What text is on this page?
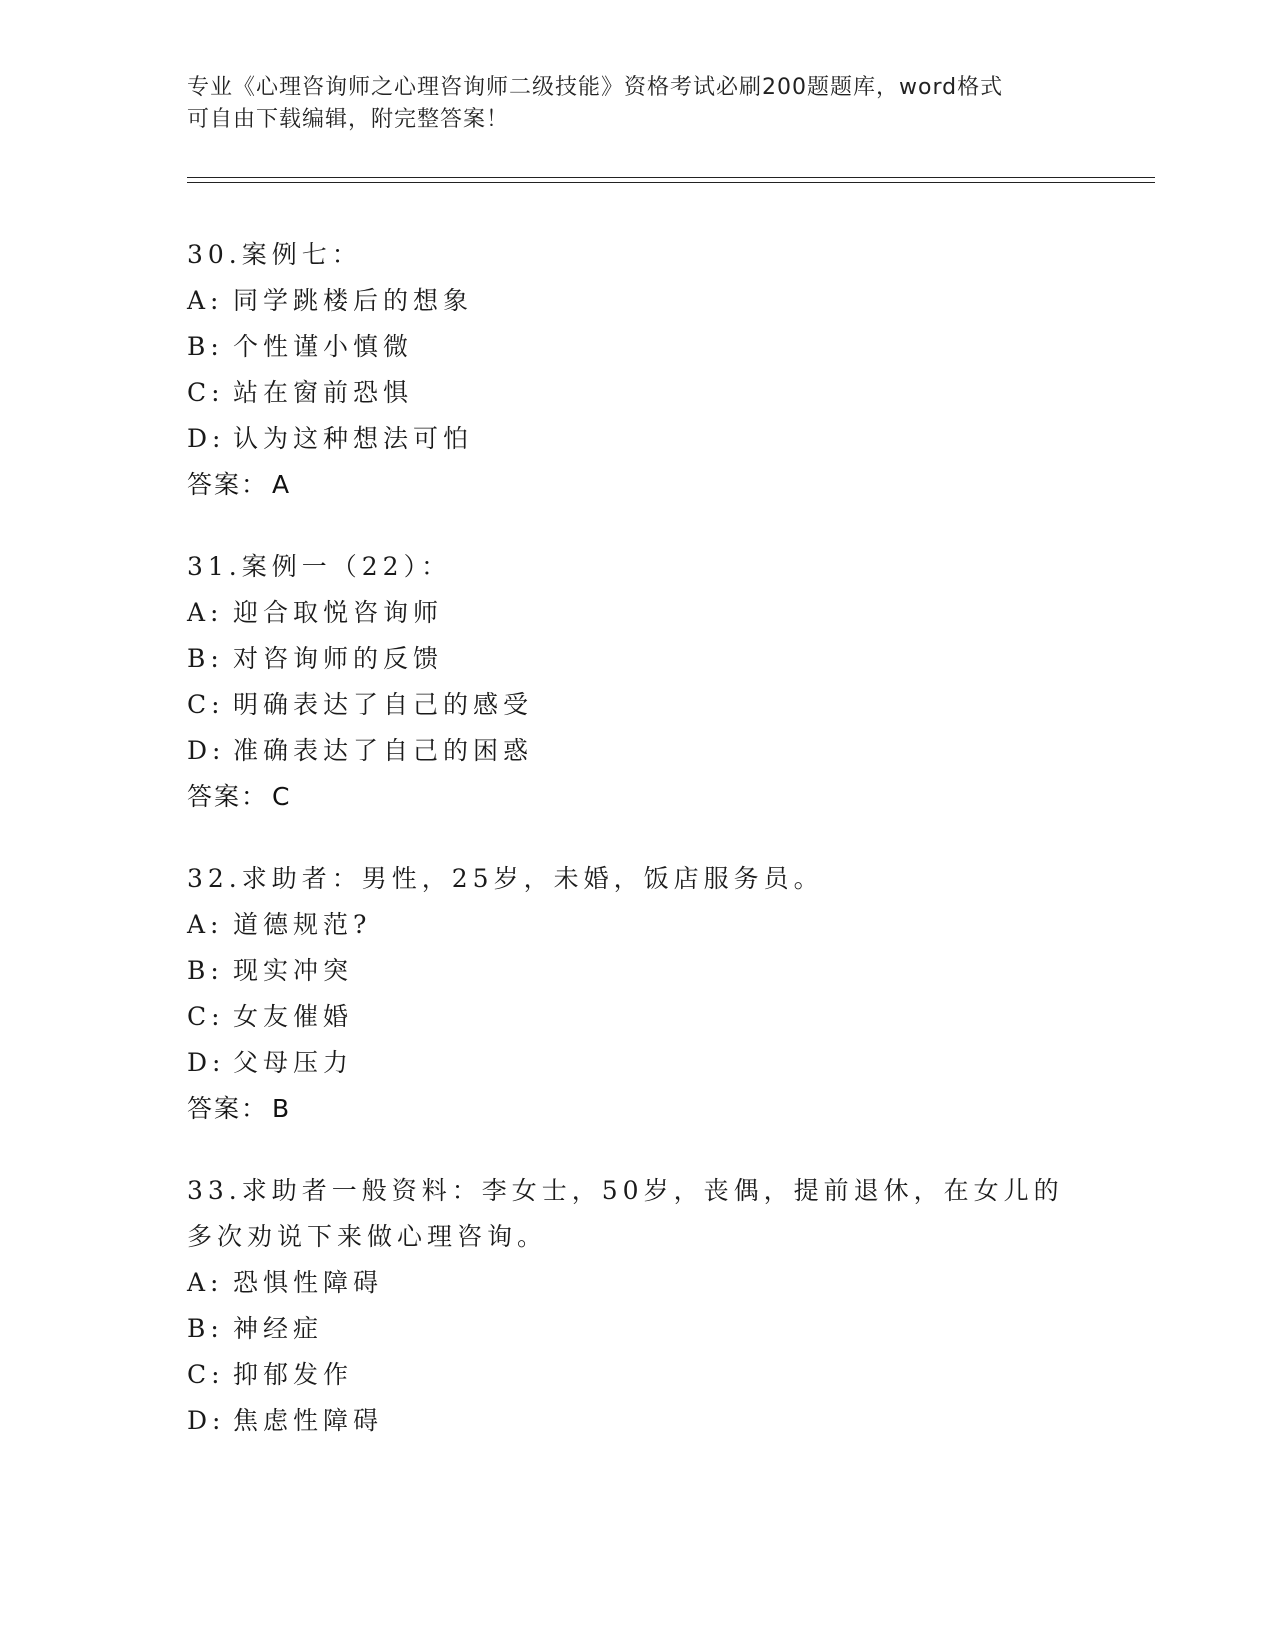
专业《心理咨询师之心理咨询师二级技能》资格考试必刷200题题库，word格式
可自由下载编辑，附完整答案！
30.案例七：
A: 同学跳楼后的想象
B: 个性谨小慎微
C: 站在窗前恐惧
D: 认为这种想法可怕
答案： A
31.案例一（22）：
A: 迎合取悦咨询师
B: 对咨询师的反馈
C: 明确表达了自己的感受
D: 准确表达了自己的困惑
答案： C
32.求助者：男性，25岁，未婚，饭店服务员。
A: 道德规范?
B: 现实冲突
C: 女友催婚
D: 父母压力
答案： B
33.求助者一般资料：李女士，50岁，丧偶，提前退休，在女儿的多次劝说下来做心理咨询。
A: 恐惧性障碍
B: 神经症
C: 抑郁发作
D: 焦虑性障碍
